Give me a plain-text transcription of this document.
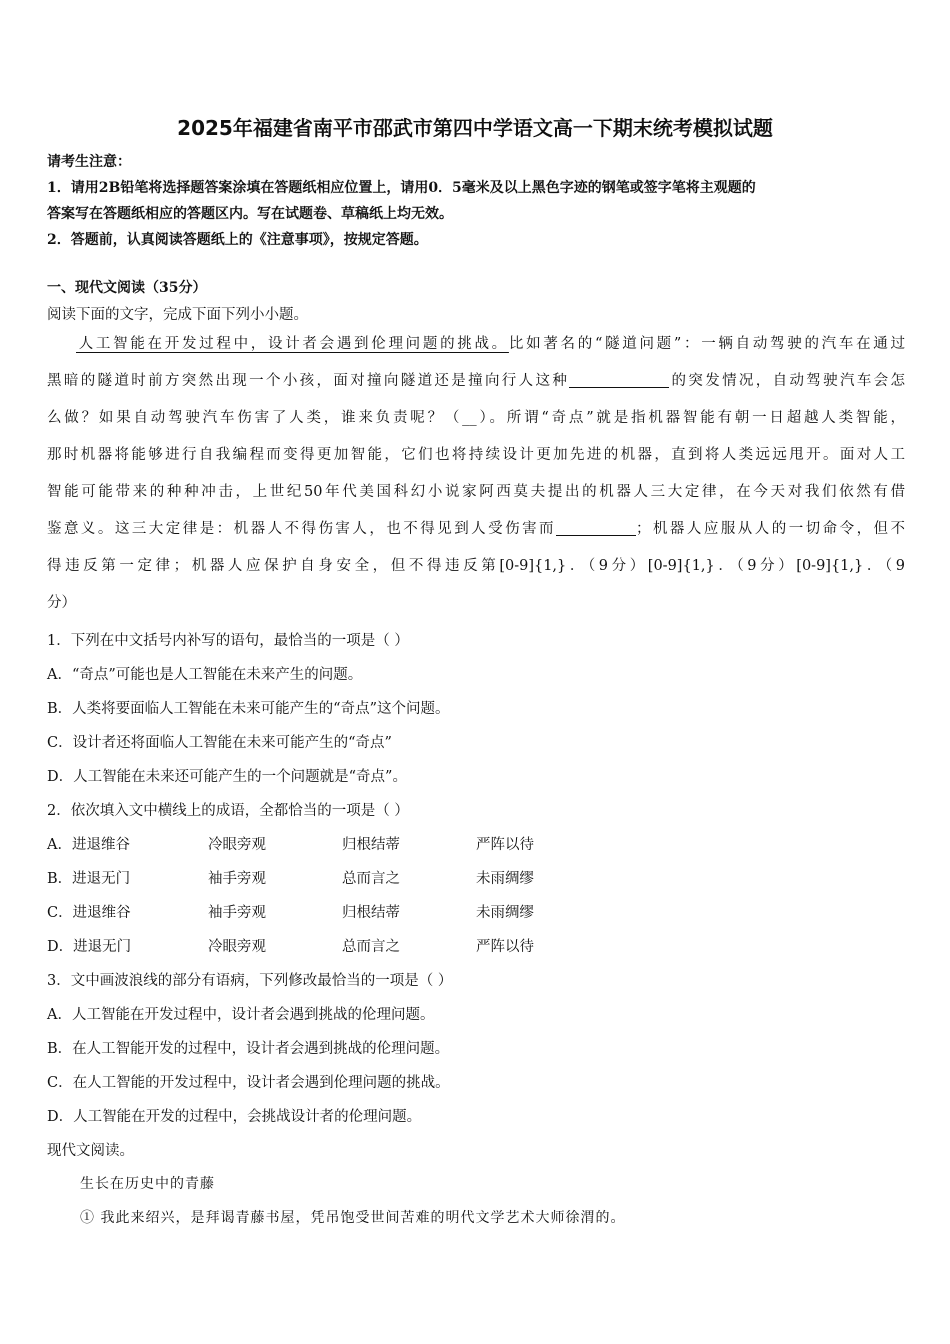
2025年福建省南平市邵武市第四中学语文高一下期末统考模拟试题
请考生注意：
1．请用2B铅笔将选择题答案涂填在答题纸相应位置上，请用0．5毫米及以上黑色字迹的钢笔或签字笔将主观题的
答案写在答题纸相应的答题区内。写在试题卷、草稿纸上均无效。
2．答题前，认真阅读答题纸上的《注意事项》，按规定答题。
一、现代文阅读（35分）
阅读下面的文字，完成下面下列小小题。
人工智能在开发过程中，设计者会遇到伦理问题的挑战。比如著名的“隧道问题”：一辆自动驾驶的汽车在通过
黑暗的隧道时前方突然出现一个小孩，面对撞向隧道还是撞向行人这种	的突发情况，自动驾驶汽车会怎
么做？如果自动驾驶汽车伤害了人类，谁来负责呢？（__）。所谓“奇点”就是指机器智能有朝一日超越人类智能，
那时机器将能够进行自我编程而变得更加智能，它们也将持续设计更加先进的机器，直到将人类远远甩开。面对人工
智能可能带来的种种冲击，上世纪50年代美国科幻小说家阿西莫夫提出的机器人三大定律，在今天对我们依然有借
鉴意义。这三大定律是：机器人不得伤害人，也不得见到人受伤害而	；机器人应服从人的一切命令，但不
得违反第一定律；机器人应保护自身安全，但不得违反第[0-9]{1,}．（9分）[0-9]{1,}．（9分）[0-9]{1,}．（9
分）
1．下列在中文括号内补写的语句，最恰当的一项是（ ）
A．“奇点”可能也是人工智能在未来产生的问题。
B．人类将要面临人工智能在未来可能产生的“奇点”这个问题。
C．设计者还将面临人工智能在未来可能产生的“奇点”
D．人工智能在未来还可能产生的一个问题就是“奇点”。
2．依次填入文中横线上的成语，全都恰当的一项是（ ）
A．进退维谷	冷眼旁观	归根结蒂	严阵以待
B．进退无门	袖手旁观	总而言之	未雨绸缪
C．进退维谷	袖手旁观	归根结蒂	未雨绸缪
D．进退无门	冷眼旁观	总而言之	严阵以待
3．文中画波浪线的部分有语病，下列修改最恰当的一项是（ ）
A．人工智能在开发过程中，设计者会遇到挑战的伦理问题。
B．在人工智能开发的过程中，设计者会遇到挑战的伦理问题。
C．在人工智能的开发过程中，设计者会遇到伦理问题的挑战。
D．人工智能在开发的过程中，会挑战设计者的伦理问题。
现代文阅读。
生长在历史中的青藤
① 我此来绍兴，是拜谒青藤书屋，凭吊饱受世间苦难的明代文学艺术大师徐渭的。
